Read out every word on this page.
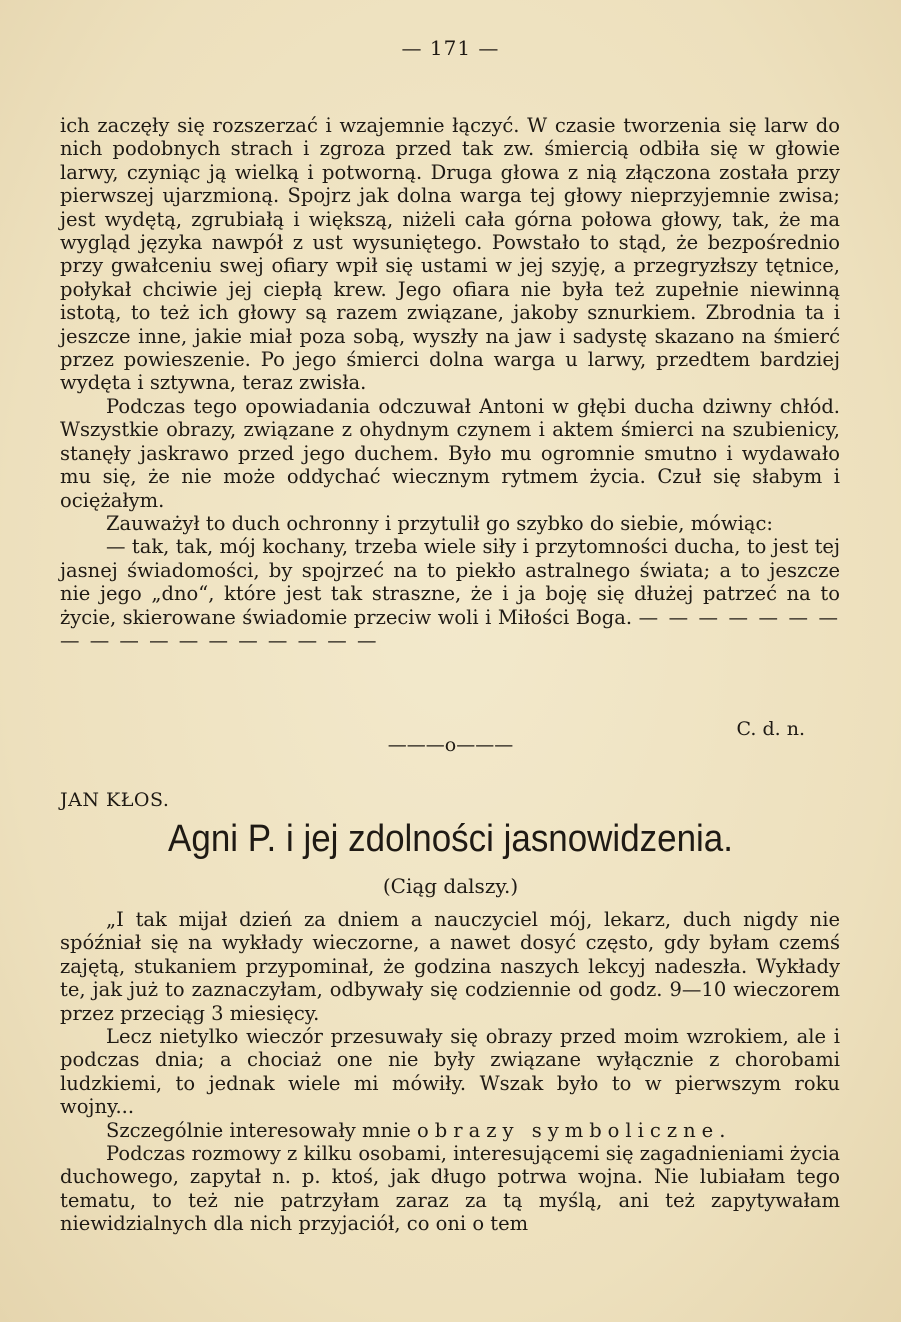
— 171 —

ich zaczęły się rozszerzać i wzajemnie łączyć. W czasie tworzenia się larw do nich podobnych strach i zgroza przed tak zw. śmiercią odbiła się w głowie larwy, czyniąc ją wielką i potworną. Druga głowa z nią złączona została przy pierwszej ujarzmioną. Spojrz jak dolna warga tej głowy nieprzyjemnie zwisa; jest wydętą, zgrubiałą i większą, niżeli cała górna połowa głowy, tak, że ma wygląd języka nawpół z ust wysuniętego. Powstało to stąd, że bezpośrednio przy gwałceniu swej ofiary wpił się ustami w jej szyję, a przegryzłszy tętnice, połykał chciwie jej ciepłą krew. Jego ofiara nie była też zupełnie niewinną istotą, to też ich głowy są razem związane, jakoby sznurkiem. Zbrodnia ta i jeszcze inne, jakie miał poza sobą, wyszły na jaw i sadystę skazano na śmierć przez powieszenie. Po jego śmierci dolna warga u larwy, przedtem bardziej wydęta i sztywna, teraz zwisła.

Podczas tego opowiadania odczuwał Antoni w głębi ducha dziwny chłód. Wszystkie obrazy, związane z ohydnym czynem i aktem śmierci na szubienicy, stanęły jaskrawo przed jego duchem. Było mu ogromnie smutno i wydawało mu się, że nie może oddychać wiecznym rytmem życia. Czuł się słabym i ociężałym.

Zauważył to duch ochronny i przytulił go szybko do siebie, mówiąc:

— tak, tak, mój kochany, trzeba wiele siły i przytomności ducha, to jest tej jasnej świadomości, by spojrzeć na to piekło astralnego świata; a to jeszcze nie jego „dno“, które jest tak straszne, że i ja boję się dłużej patrzeć na to życie, skierowane świadomie przeciw woli i Miłości Boga. — — — — — — — — — — — — — — — — — —

C. d. n.
———o———
JAN KŁOS.
Agni P. i jej zdolności jasnowidzenia.
(Ciąg dalszy.)

„I tak mijał dzień za dniem a nauczyciel mój, lekarz, duch nigdy nie spóźniał się na wykłady wieczorne, a nawet dosyć często, gdy byłam czemś zajętą, stukaniem przypominał, że godzina naszych lekcyj nadeszła. Wykłady te, jak już to zaznaczyłam, odbywały się codziennie od godz. 9—10 wieczorem przez przeciąg 3 miesięcy.

Lecz nietylko wieczór przesuwały się obrazy przed moim wzrokiem, ale i podczas dnia; a chociaż one nie były związane wyłącznie z chorobami ludzkiemi, to jednak wiele mi mówiły. Wszak było to w pierwszym roku wojny...

Szczególnie interesowały mnie obrazy symboliczne.

Podczas rozmowy z kilku osobami, interesującemi się zagadnieniami życia duchowego, zapytał n. p. ktoś, jak długo potrwa wojna. Nie lubiałam tego tematu, to też nie patrzyłam zaraz za tą myślą, ani też zapytywałam niewidzialnych dla nich przyjaciół, co oni o tem
